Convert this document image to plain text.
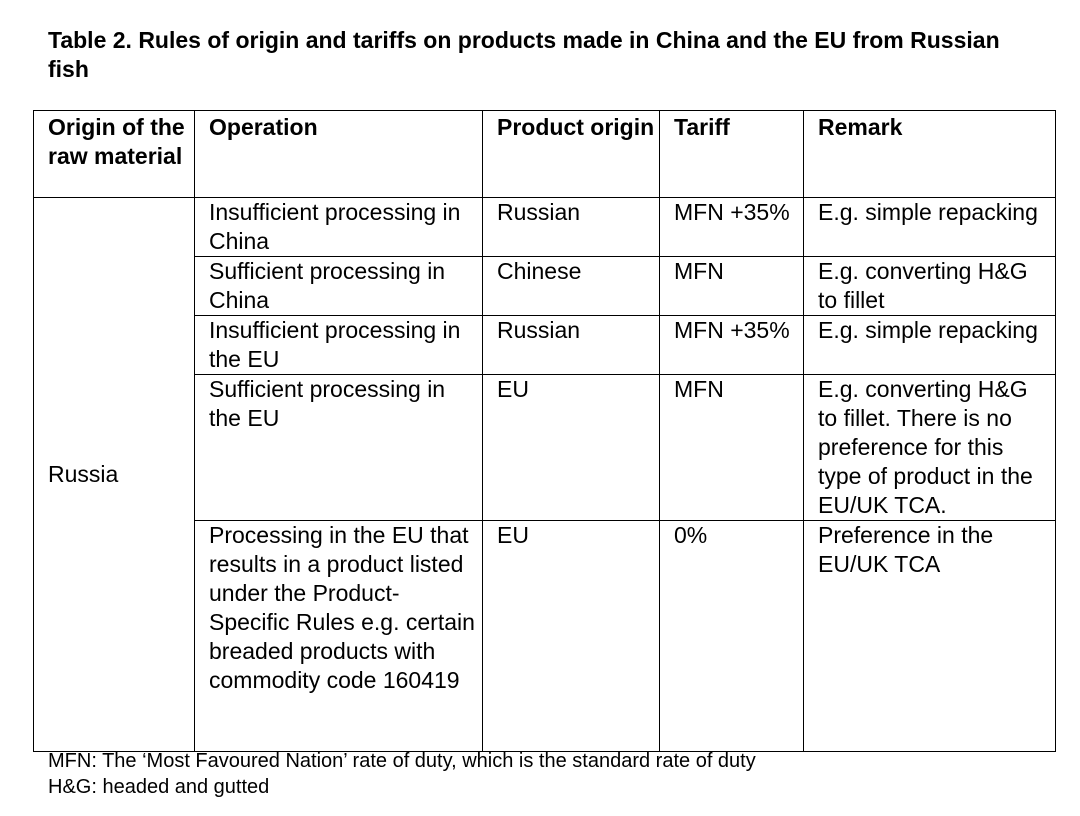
Table 2. Rules of origin and tariffs on products made in China and the EU from Russian fish
Origin of the raw material	Operation	Product origin	Tariff	Remark
Russia	Insufficient processing in China	Russian	MFN +35%	E.g. simple repacking
	Sufficient processing in China	Chinese	MFN	E.g. converting H&G to fillet
	Insufficient processing in the EU	Russian	MFN +35%	E.g. simple repacking
	Sufficient processing in the EU	EU	MFN	E.g. converting H&G to fillet. There is no preference for this type of product in the EU/UK TCA.
	Processing in the EU that results in a product listed under the Product-Specific Rules e.g. certain breaded products with commodity code 160419	EU	0%	Preference in the EU/UK TCA
MFN: The ‘Most Favoured Nation’ rate of duty, which is the standard rate of duty
H&G: headed and gutted
